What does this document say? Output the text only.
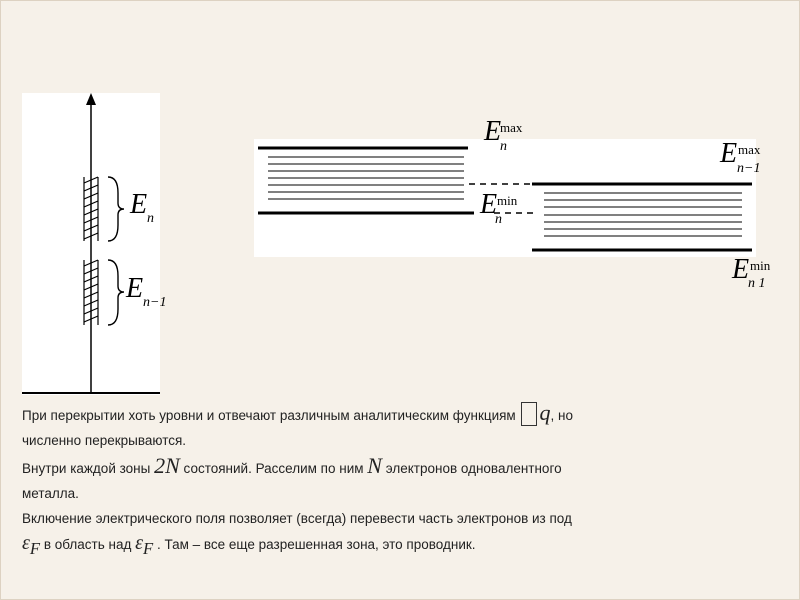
E n
E n−1
E
max
n
E min
n
E max
n−1
E min
n 1

При перекрытии хоть уровни и отвечают различным аналитическим функциям q, но
численно перекрываются.

Внутри каждой зоны 2N состояний. Расселим по ним N электронов одновалентного
металла.

Включение электрического поля позволяет (всегда) перевести часть электронов из под
$\varepsilon_F$ в область над $\varepsilon_F$ . Там – все еще разрешенная зона, это проводник.
